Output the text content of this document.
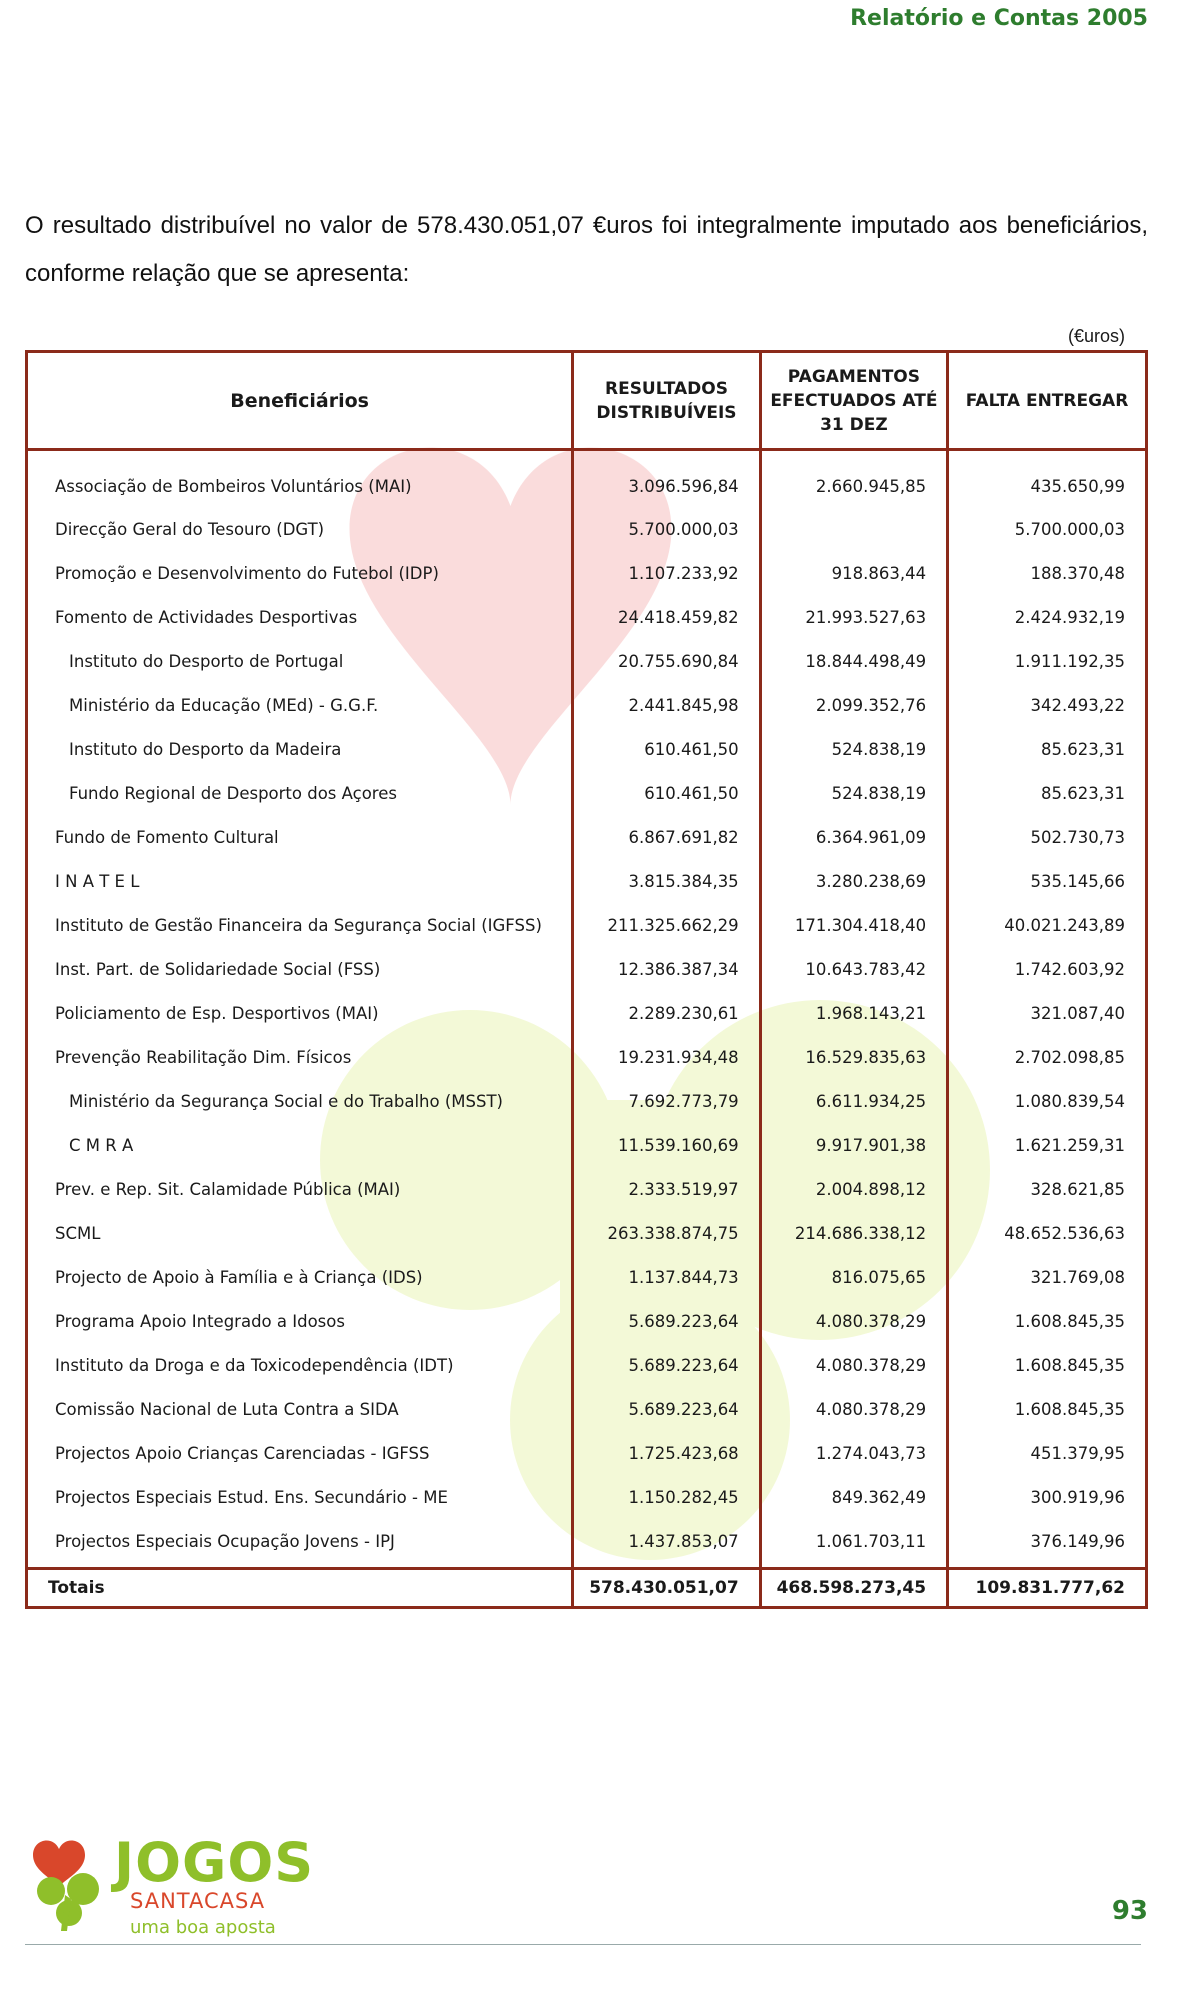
Relatório e Contas 2005
O resultado distribuível no valor de 578.430.051,07 €uros foi integralmente imputado aos beneficiários, conforme relação que se apresenta:
(€uros)
Beneficiários	RESULTADOS DISTRIBUÍVEIS	PAGAMENTOS EFECTUADOS ATÉ 31 DEZ	FALTA ENTREGAR
Associação de Bombeiros Voluntários (MAI)	3.096.596,84	2.660.945,85	435.650,99
Direcção Geral do Tesouro (DGT)	5.700.000,03		5.700.000,03
Promoção e Desenvolvimento do Futebol (IDP)	1.107.233,92	918.863,44	188.370,48
Fomento de Actividades Desportivas	24.418.459,82	21.993.527,63	2.424.932,19
Instituto do Desporto de Portugal	20.755.690,84	18.844.498,49	1.911.192,35
Ministério da Educação (MEd) - G.G.F.	2.441.845,98	2.099.352,76	342.493,22
Instituto do Desporto da Madeira	610.461,50	524.838,19	85.623,31
Fundo Regional de Desporto dos Açores	610.461,50	524.838,19	85.623,31
Fundo de Fomento Cultural	6.867.691,82	6.364.961,09	502.730,73
I N A T E L	3.815.384,35	3.280.238,69	535.145,66
Instituto de Gestão Financeira da Segurança Social (IGFSS)	211.325.662,29	171.304.418,40	40.021.243,89
Inst. Part. de Solidariedade Social (FSS)	12.386.387,34	10.643.783,42	1.742.603,92
Policiamento de Esp. Desportivos (MAI)	2.289.230,61	1.968.143,21	321.087,40
Prevenção Reabilitação Dim. Físicos	19.231.934,48	16.529.835,63	2.702.098,85
Ministério da Segurança Social e do Trabalho (MSST)	7.692.773,79	6.611.934,25	1.080.839,54
C M R A	11.539.160,69	9.917.901,38	1.621.259,31
Prev. e Rep. Sit. Calamidade Pública (MAI)	2.333.519,97	2.004.898,12	328.621,85
SCML	263.338.874,75	214.686.338,12	48.652.536,63
Projecto de Apoio à Família e à Criança (IDS)	1.137.844,73	816.075,65	321.769,08
Programa Apoio Integrado a Idosos	5.689.223,64	4.080.378,29	1.608.845,35
Instituto da Droga e da Toxicodependência (IDT)	5.689.223,64	4.080.378,29	1.608.845,35
Comissão Nacional de Luta Contra a SIDA	5.689.223,64	4.080.378,29	1.608.845,35
Projectos Apoio Crianças Carenciadas - IGFSS	1.725.423,68	1.274.043,73	451.379,95
Projectos Especiais Estud. Ens. Secundário - ME	1.150.282,45	849.362,49	300.919,96
Projectos Especiais Ocupação Jovens - IPJ	1.437.853,07	1.061.703,11	376.149,96
Totais	578.430.051,07	468.598.273,45	109.831.777,62
JOGOS
SANTACASA
uma boa aposta
93
